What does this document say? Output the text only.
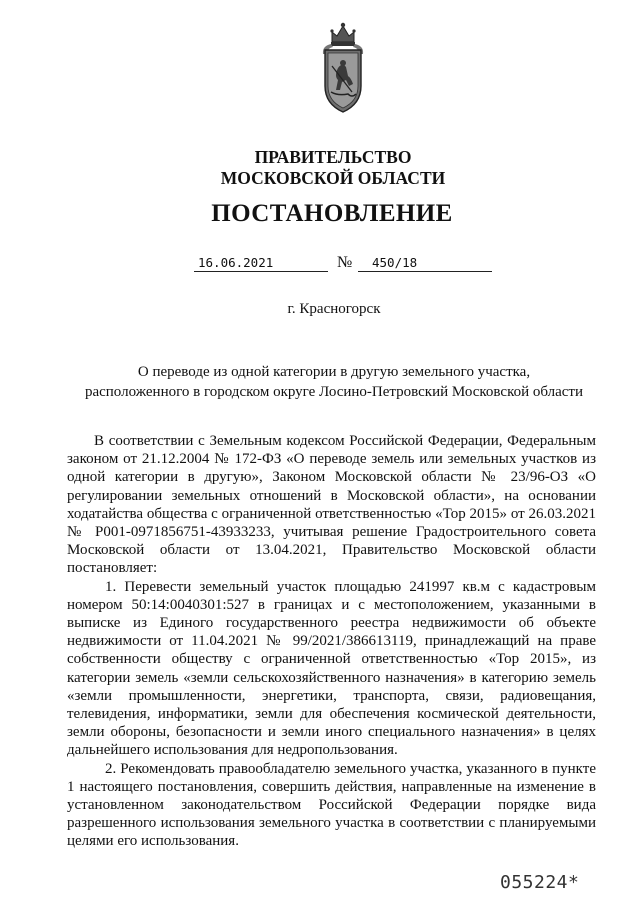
ПРАВИТЕЛЬСТВО
МОСКОВСКОЙ ОБЛАСТИ
ПОСТАНОВЛЕНИЕ
16.06.2021	№	450/18
г. Красногорск
О переводе из одной категории в другую земельного участка,
расположенного в городском округе Лосино-Петровский Московской области

В соответствии с Земельным кодексом Российской Федерации, Федеральным законом от 21.12.2004 № 172-ФЗ «О переводе земель или земельных участков из одной категории в другую», Законом Московской области № 23/96-ОЗ «О регулировании земельных отношений в Московской области», на основании ходатайства общества с ограниченной ответственностью «Тор 2015» от 26.03.2021 № Р001-0971856751-43933233, учитывая решение Градостроительного совета Московской области от 13.04.2021, Правительство Московской области постановляет:

1. Перевести земельный участок площадью 241997 кв.м с кадастровым номером 50:14:0040301:527 в границах и с местоположением, указанными в выписке из Единого государственного реестра недвижимости об объекте недвижимости от 11.04.2021 № 99/2021/386613119, принадлежащий на праве собственности обществу с ограниченной ответственностью «Тор 2015», из категории земель «земли сельскохозяйственного назначения» в категорию земель «земли промышленности, энергетики, транспорта, связи, радиовещания, телевидения, информатики, земли для обеспечения космической деятельности, земли обороны, безопасности и земли иного специального назначения» в целях дальнейшего использования для недропользования.

2. Рекомендовать правообладателю земельного участка, указанного в пункте 1 настоящего постановления, совершить действия, направленные на изменение в установленном законодательством Российской Федерации порядке вида разрешенного использования земельного участка в соответствии с планируемыми целями его использования.

055224*
